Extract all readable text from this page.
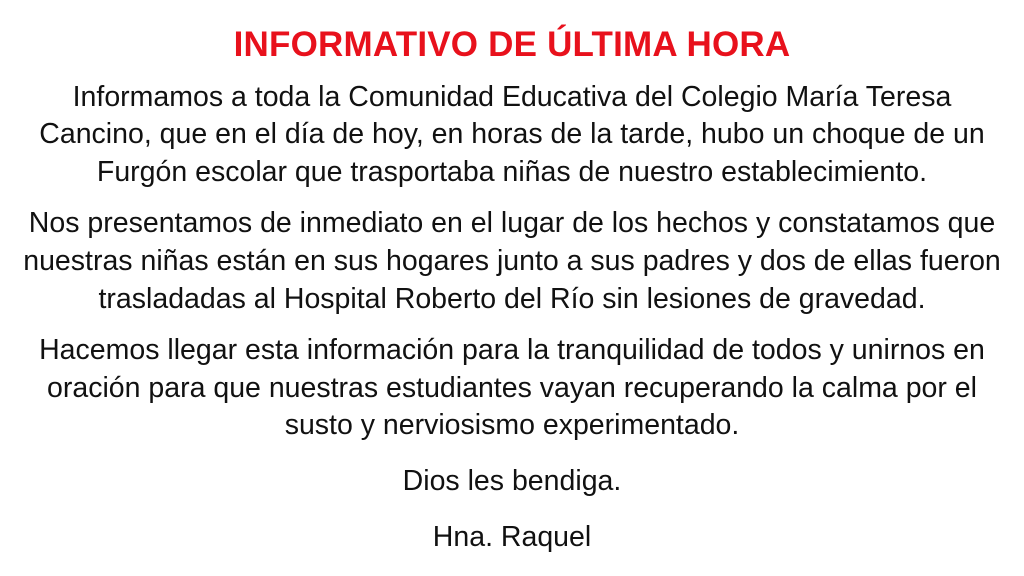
INFORMATIVO DE ÚLTIMA HORA

Informamos a toda la Comunidad Educativa del Colegio María Teresa Cancino, que en el día de hoy, en horas de la tarde, hubo un choque de un Furgón escolar que trasportaba niñas de nuestro establecimiento.

Nos presentamos de inmediato en el lugar de los hechos y constatamos que nuestras niñas están en sus hogares junto a sus padres y dos de ellas fueron trasladadas al Hospital Roberto del Río sin lesiones de gravedad.

Hacemos llegar esta información para la tranquilidad de todos y unirnos en oración para que nuestras estudiantes vayan recuperando la calma por el susto y nerviosismo experimentado.

Dios les bendiga.

Hna. Raquel
